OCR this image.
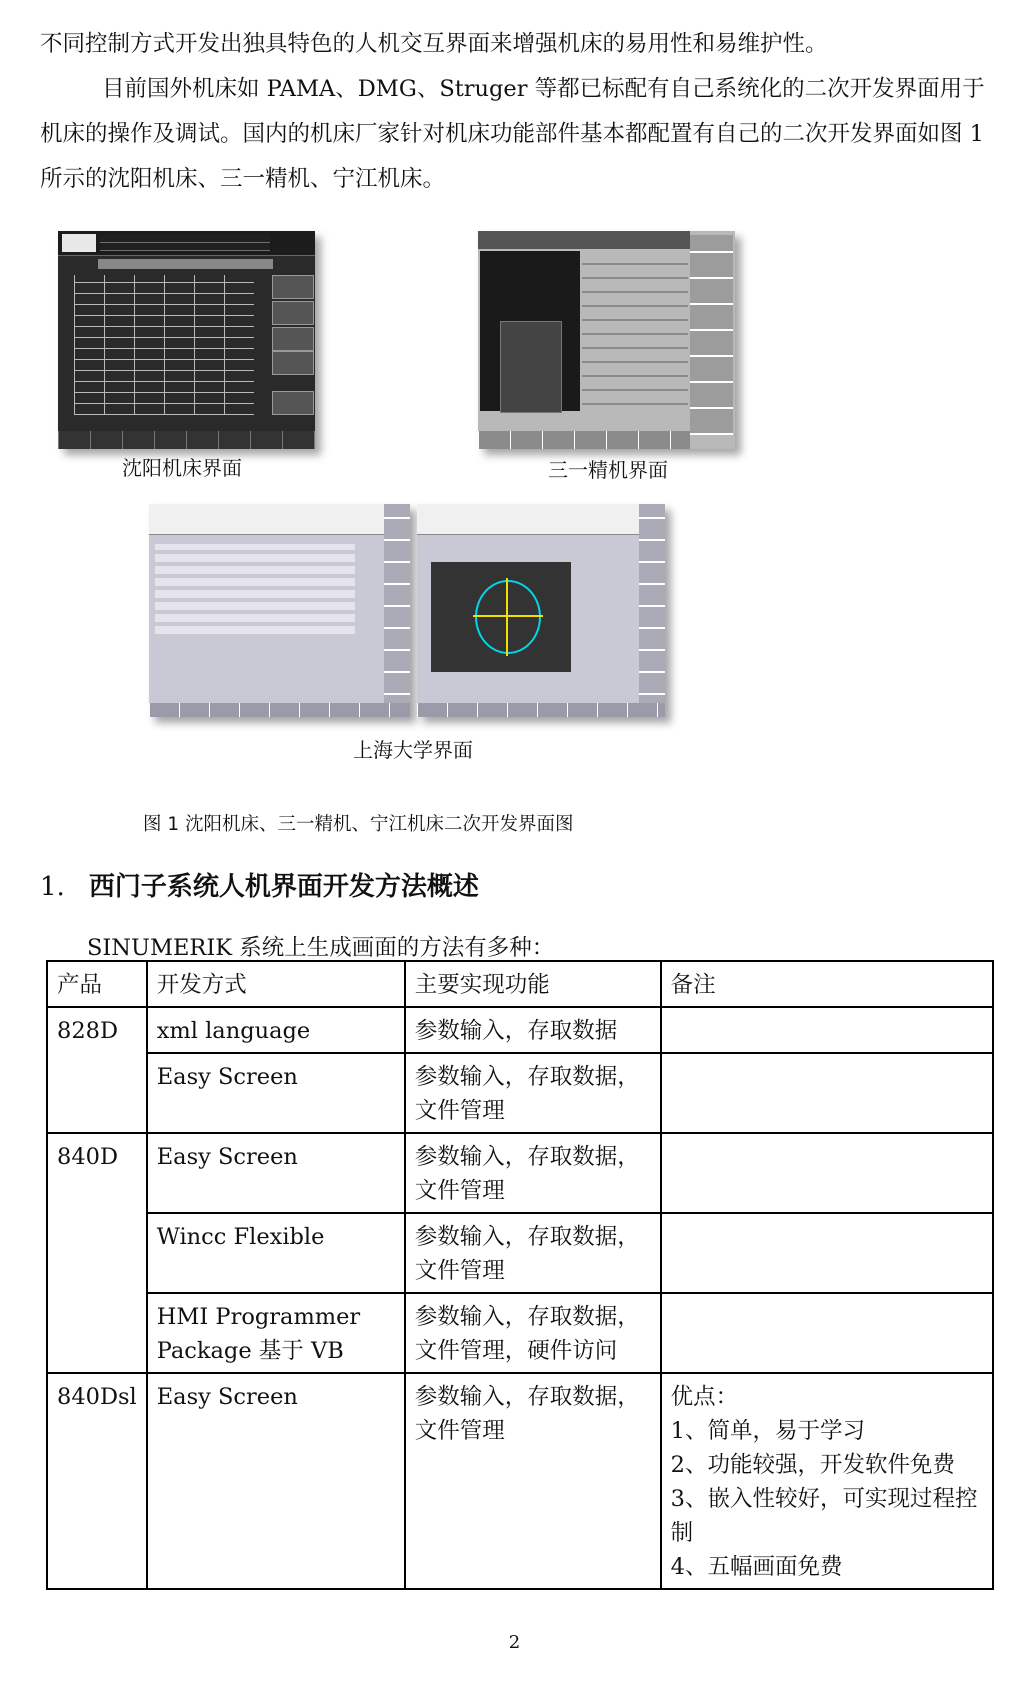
不同控制方式开发出独具特色的人机交互界面来增强机床的易用性和易维护性。

目前国外机床如 PAMA、DMG、Struger 等都已标配有自己系统化的二次开发界面用于机床的操作及调试。国内的机床厂家针对机床功能部件基本都配置有自己的二次开发界面如图 1 所示的沈阳机床、三一精机、宁江机床。

沈阳机床界面	三一精机界面
上海大学界面
图 1 沈阳机床、三一精机、宁江机床二次开发界面图
1. 西门子系统人机界面开发方法概述
SINUMERIK 系统上生成画面的方法有多种：
产品	开发方式	主要实现功能	备注
828D	xml language	参数输入，存取数据	
	Easy Screen	参数输入，存取数据，文件管理	
840D	Easy Screen	参数输入，存取数据，文件管理	
	Wincc Flexible	参数输入，存取数据，文件管理	
	HMI Programmer Package 基于 VB	参数输入，存取数据，文件管理，硬件访问	
840Dsl	Easy Screen	参数输入，存取数据，文件管理	优点：
1、简单，易于学习
2、功能较强，开发软件免费
3、嵌入性较好，可实现过程控制
4、五幅画面免费
2
